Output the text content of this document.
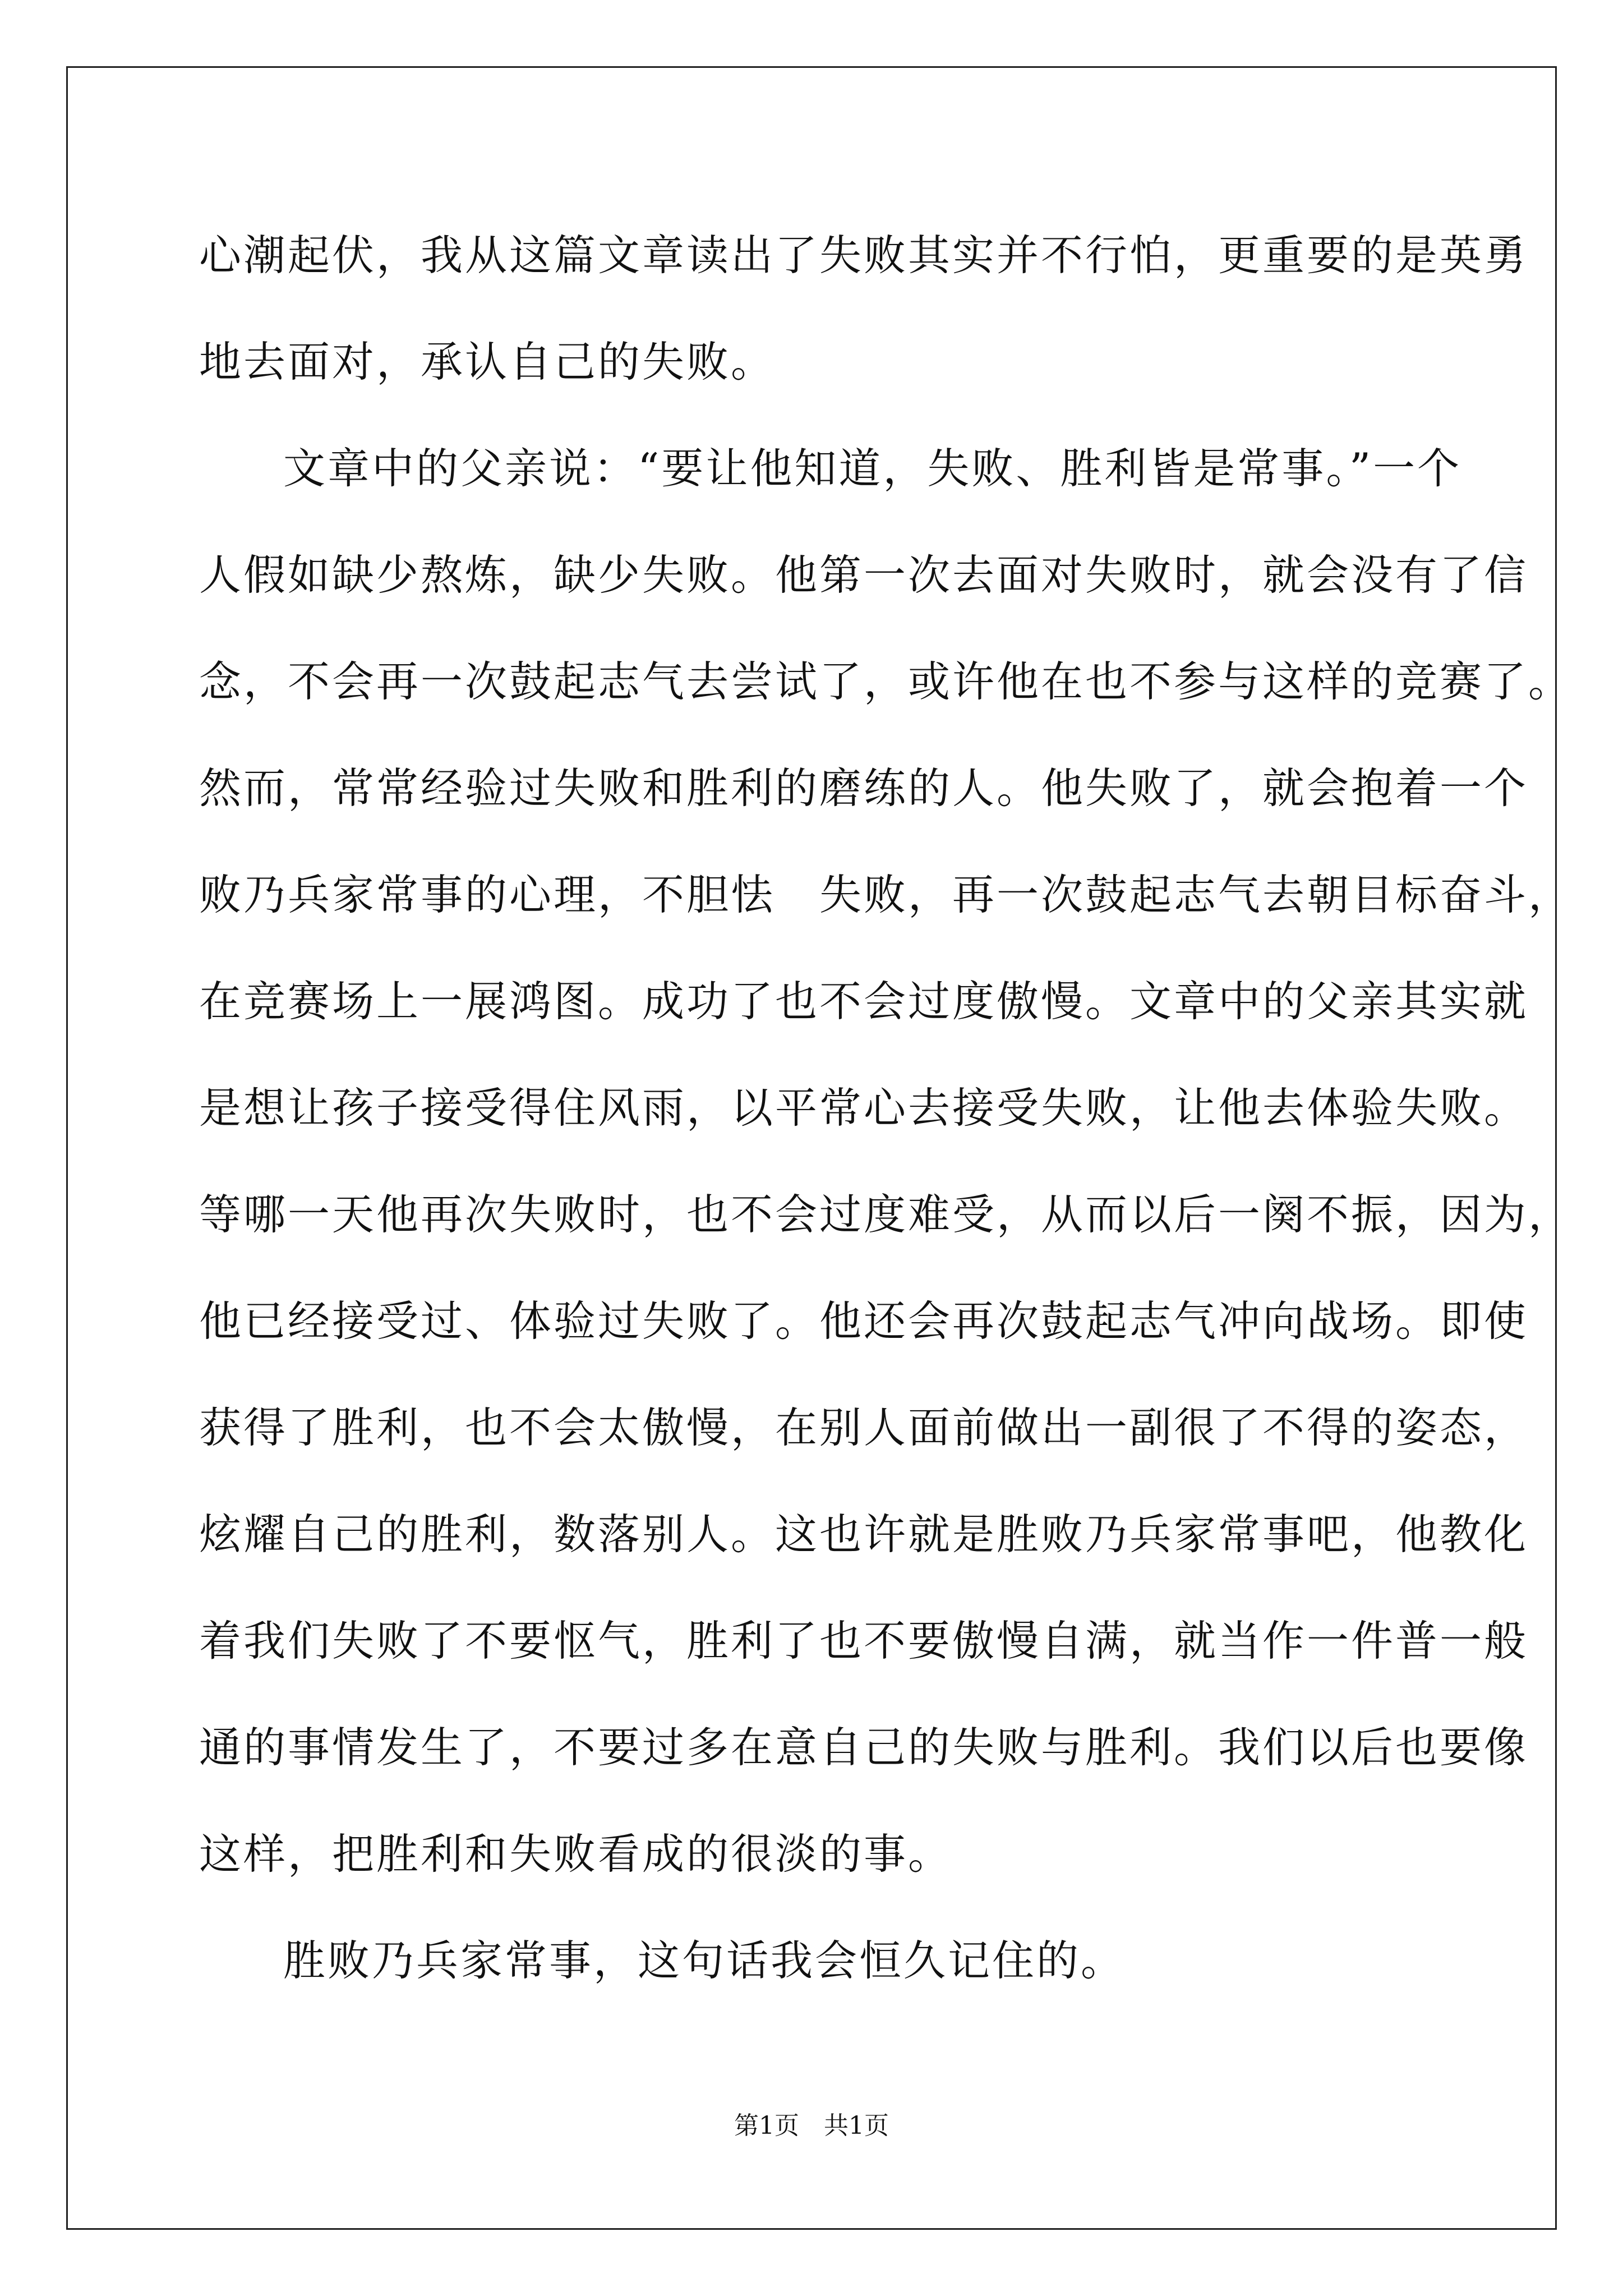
心潮起伏，我从这篇文章读出了失败其实并不行怕，更重要的是英勇
地去面对，承认自己的失败。
文章中的父亲说：“要让他知道，失败、胜利皆是常事。”一个
人假如缺少熬炼，缺少失败。他第一次去面对失败时，就会没有了信
念，不会再一次鼓起志气去尝试了，或许他在也不参与这样的竞赛了。
然而，常常经验过失败和胜利的磨练的人。他失败了，就会抱着一个
败乃兵家常事的心理，不胆怯　失败，再一次鼓起志气去朝目标奋斗，
在竞赛场上一展鸿图。成功了也不会过度傲慢。文章中的父亲其实就
是想让孩子接受得住风雨，以平常心去接受失败，让他去体验失败。
等哪一天他再次失败时，也不会过度难受，从而以后一阕不振，因为，
他已经接受过、体验过失败了。他还会再次鼓起志气冲向战场。即使
获得了胜利，也不会太傲慢，在别人面前做出一副很了不得的姿态，
炫耀自己的胜利，数落别人。这也许就是胜败乃兵家常事吧，他教化
着我们失败了不要怄气，胜利了也不要傲慢自满，就当作一件普一般
通的事情发生了，不要过多在意自己的失败与胜利。我们以后也要像
这样，把胜利和失败看成的很淡的事。
胜败乃兵家常事，这句话我会恒久记住的。
第1页　共1页
